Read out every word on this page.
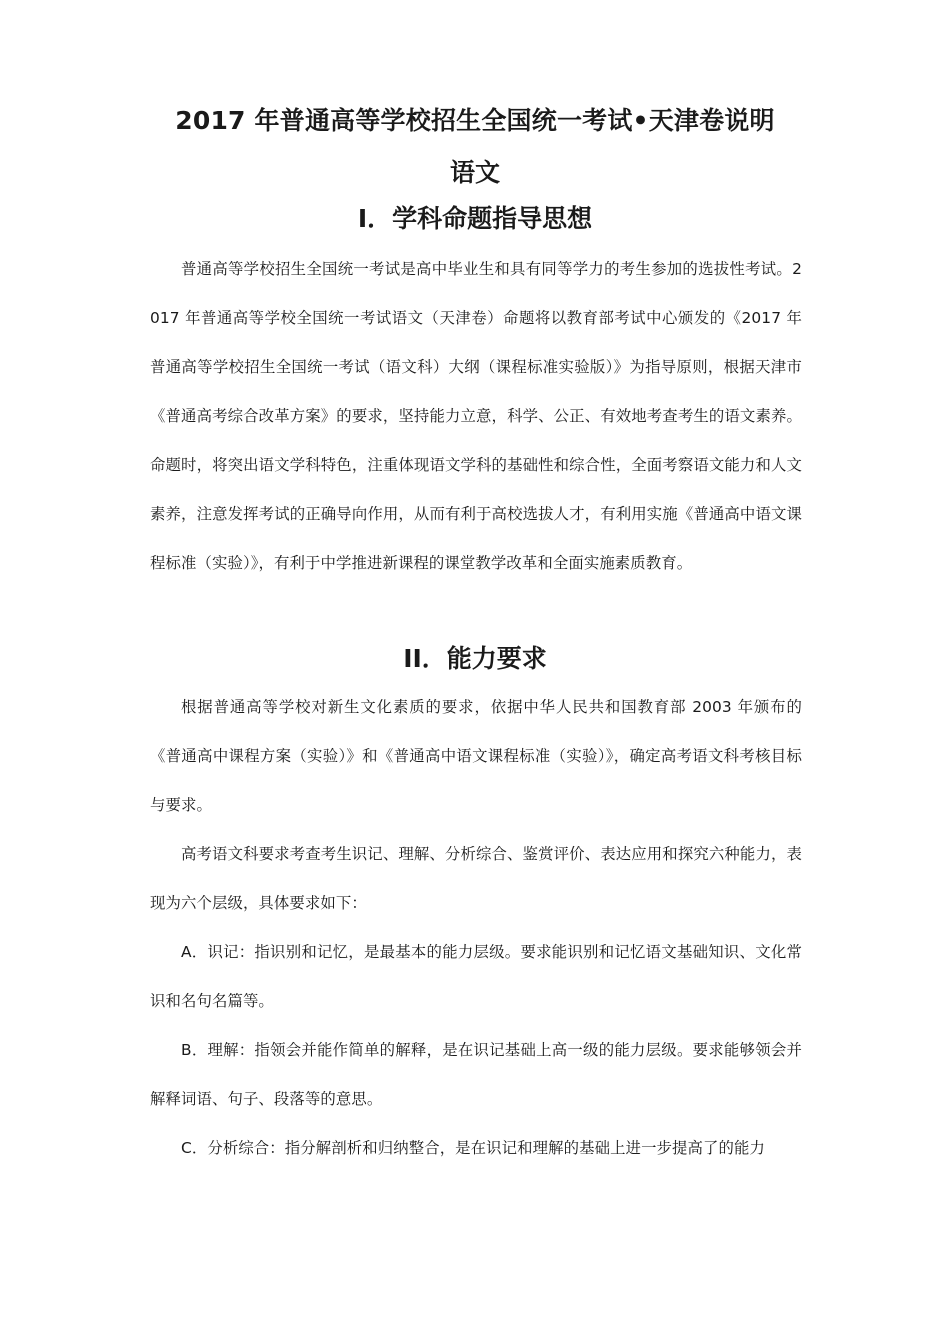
2017 年普通高等学校招生全国统一考试•天津卷说明
语文
I．学科命题指导思想

普通高等学校招生全国统一考试是高中毕业生和具有同等学力的考生参加的选拔性考试。2017 年普通高等学校全国统一考试语文（天津卷）命题将以教育部考试中心颁发的《2017 年普通高等学校招生全国统一考试（语文科）大纲（课程标准实验版）》为指导原则，根据天津市《普通高考综合改革方案》的要求，坚持能力立意，科学、公正、有效地考查考生的语文素养。命题时，将突出语文学科特色，注重体现语文学科的基础性和综合性，全面考察语文能力和人文素养，注意发挥考试的正确导向作用，从而有利于高校选拔人才，有利用实施《普通高中语文课程标准（实验）》，有利于中学推进新课程的课堂教学改革和全面实施素质教育。

II．能力要求

根据普通高等学校对新生文化素质的要求，依据中华人民共和国教育部 2003 年颁布的《普通高中课程方案（实验）》和《普通高中语文课程标准（实验）》，确定高考语文科考核目标与要求。

高考语文科要求考查考生识记、理解、分析综合、鉴赏评价、表达应用和探究六种能力，表现为六个层级，具体要求如下：

A．识记：指识别和记忆，是最基本的能力层级。要求能识别和记忆语文基础知识、文化常识和名句名篇等。

B．理解：指领会并能作简单的解释，是在识记基础上高一级的能力层级。要求能够领会并解释词语、句子、段落等的意思。

C．分析综合：指分解剖析和归纳整合，是在识记和理解的基础上进一步提高了的能力
